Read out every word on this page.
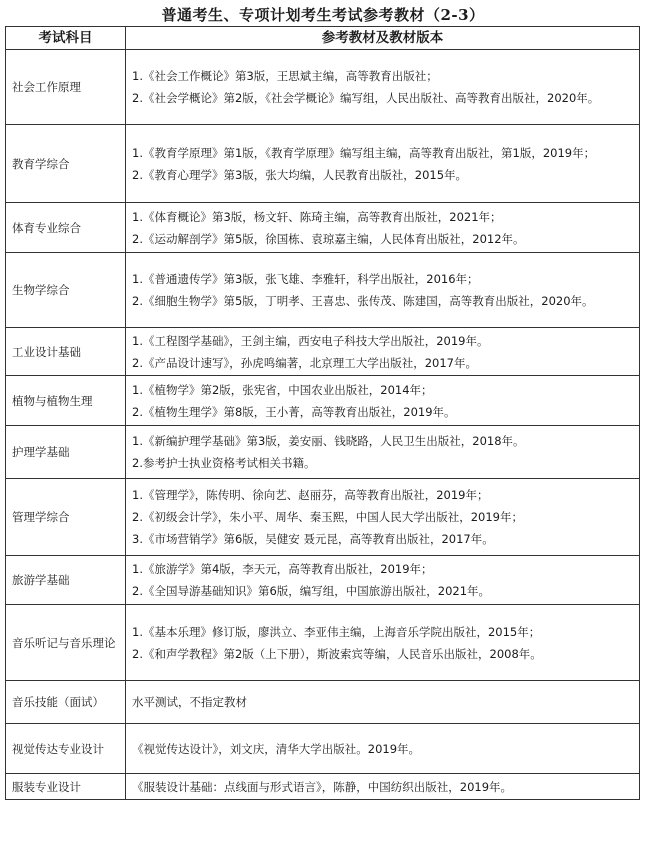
普通考生、专项计划考生考试参考教材（2-3）
考试科目	参考教材及教材版本
社会工作原理	1.《社会工作概论》第3版，王思斌主编，高等教育出版社；
2.《社会学概论》第2版，《社会学概论》编写组，人民出版社、高等教育出版社，2020年。

教育学综合	1.《教育学原理》第1版，《教育学原理》编写组主编，高等教育出版社，第1版，2019年；
2.《教育心理学》第3版，张大均编，人民教育出版社，2015年。

体育专业综合	1.《体育概论》第3版，杨文轩、陈琦主编，高等教育出版社，2021年；
2.《运动解剖学》第5版，徐国栋、袁琼嘉主编，人民体育出版社，2012年。

生物学综合	1.《普通遗传学》第3版，张飞雄、李雅轩，科学出版社，2016年；
2.《细胞生物学》第5版，丁明孝、王喜忠、张传茂、陈建国，高等教育出版社，2020年。

工业设计基础	1.《工程图学基础》，王剑主编，西安电子科技大学出版社，2019年。
2.《产品设计速写》，孙虎鸣编著，北京理工大学出版社，2017年。

植物与植物生理	1.《植物学》第2版，张宪省，中国农业出版社，2014年；
2.《植物生理学》第8版，王小菁，高等教育出版社，2019年。

护理学基础	1.《新编护理学基础》第3版，姜安丽、钱晓路，人民卫生出版社，2018年。
2.参考护士执业资格考试相关书籍。

管理学综合	1.《管理学》，陈传明、徐向艺、赵丽芬，高等教育出版社，2019年；
2.《初级会计学》，朱小平、周华、秦玉熙，中国人民大学出版社，2019年；
3.《市场营销学》第6版，吴健安 聂元昆，高等教育出版社，2017年。

旅游学基础	1.《旅游学》第4版，李天元，高等教育出版社，2019年；
2.《全国导游基础知识》第6版，编写组，中国旅游出版社，2021年。

音乐听记与音乐理论	1.《基本乐理》修订版，廖洪立、李亚伟主编，上海音乐学院出版社，2015年；
2.《和声学教程》第2版（上下册），斯波索宾等编，人民音乐出版社，2008年。

音乐技能（面试）	水平测试，不指定教材

视觉传达专业设计	《视觉传达设计》，刘文庆，清华大学出版社。2019年。

服装专业设计	《服装设计基础：点线面与形式语言》，陈静，中国纺织出版社，2019年。
